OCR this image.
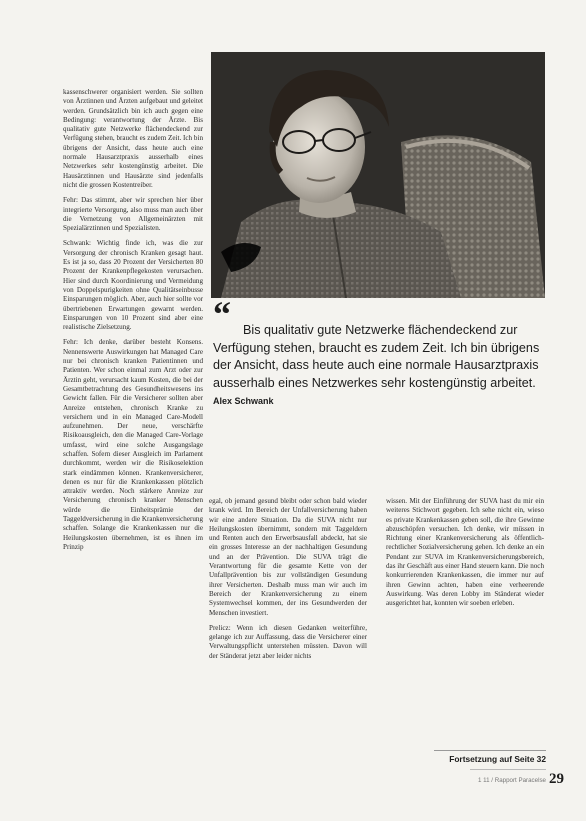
kassenschwerer organisiert werden. Sie sollten von Ärztinnen und Ärzten aufgebaut und geleitet werden. Grundsätzlich bin ich auch gegen eine Bedingung: verantwortung der Ärzte. Bis qualitativ gute Netzwerke flächendeckend zur Verfügung stehen, braucht es zudem Zeit. Ich bin übrigens der Ansicht, dass heute auch eine normale Hausarztpraxis ausserhalb eines Netzwerkes sehr kostengünstig arbeitet. Die Hausärztinnen und Hausärzte sind jedenfalls nicht die grossen Kostentreiber.

Fehr: Das stimmt, aber wir sprechen hier über integrierte Versorgung, also muss man auch über die Vernetzung von Allgemeinärzten mit Spezialärztinnen und Spezialisten.

Schwank: Wichtig finde ich, was die zur Versorgung der chronisch Kranken gesagt haut. Es ist ja so, dass 20 Prozent der Versicherten 80 Prozent der Krankenpflegekosten verursachen. Hier sind durch Koordinierung und Vermeidung von Doppelspurigkeiten ohne Qualitätseinbusse Einsparungen möglich. Aber, auch hier sollte vor übertriebenen Erwartungen gewarnt werden. Einsparungen von 10 Prozent sind aber eine realistische Zielsetzung.

Fehr: Ich denke, darüber besteht Konsens. Nennenswerte Auswirkungen hat Managed Care nur bei chronisch kranken Patientinnen und Patienten. Wer schon einmal zum Arzt oder zur Ärztin geht, verursacht kaum Kosten, die bei der Gesamtbetrachtung des Gesundheitswesens ins Gewicht fallen. Für die Versicherer sollten aber Anreize entstehen, chronisch Kranke zu versichern und in ein Managed Care-Modell aufzunehmen. Der neue, verschärfte Risikoausgleich, den die Managed Care-Vorlage umfasst, wird eine solche Ausgangslage schaffen. Sofern dieser Ausgleich im Parlament durchkommt, werden wir die Risikoselektion stark eindämmen können. Krankenversicherer, denen es nur für die Krankenkassen plötzlich attraktiv werden. Noch stärkere Anreize zur Versicherung chronisch kranker Menschen würde die Einheitsprämie der Taggeldversicherung in die Krankenversicherung schaffen. Solange die Krankenkassen nur die Heilungskosten übernehmen, ist es ihnen im Prinzip

“ Bis qualitativ gute Netzwerke flächendeckend zur Verfügung stehen, braucht es zudem Zeit. Ich bin übrigens der Ansicht, dass heute auch eine normale Hausarztpraxis ausserhalb eines Netzwerkes sehr kostengünstig arbeitet. Alex Schwank

egal, ob jemand gesund bleibt oder schon bald wieder krank wird. Im Bereich der Unfallversicherung haben wir eine andere Situation. Da die SUVA nicht nur Heilungskosten übernimmt, sondern mit Taggeldern und Renten auch den Erwerbsausfall abdeckt, hat sie ein grosses Interesse an der nachhaltigen Gesundung und an der Prävention. Die SUVA trägt die Verantwortung für die gesamte Kette von der Unfallprävention bis zur vollständigen Gesundung ihrer Versicherten. Deshalb muss man wir auch im Bereich der Krankenversicherung zu einem Systemwechsel kommen, der ins Gesundwerden der Menschen investiert.

Prelicz: Wenn ich diesen Gedanken weiterführe, gelange ich zur Auffassung, dass die Versicherer einer Verwaltungspflicht unterstehen müssten. Davon will der Ständerat jetzt aber leider nichts

wissen. Mit der Einführung der SUVA hast du mir ein weiteres Stichwort gegeben. Ich sehe nicht ein, wieso es private Krankenkassen geben soll, die ihre Gewinne abzuschöpfen versuchen. Ich denke, wir müssen in Richtung einer Krankenversicherung als öffentlich-rechtlicher Sozialversicherung gehen. Ich denke an ein Pendant zur SUVA im Krankenversicherungsbereich, das ihr Geschäft aus einer Hand steuern kann. Die noch konkurrierenden Krankenkassen, die immer nur auf ihren Gewinn achten, haben eine verheerende Auswirkung. Was deren Lobby im Ständerat wieder ausgerichtet hat, konnten wir soeben erleben.

Fortsetzung auf Seite 32
1 11 / Rapport Paracelse 29
